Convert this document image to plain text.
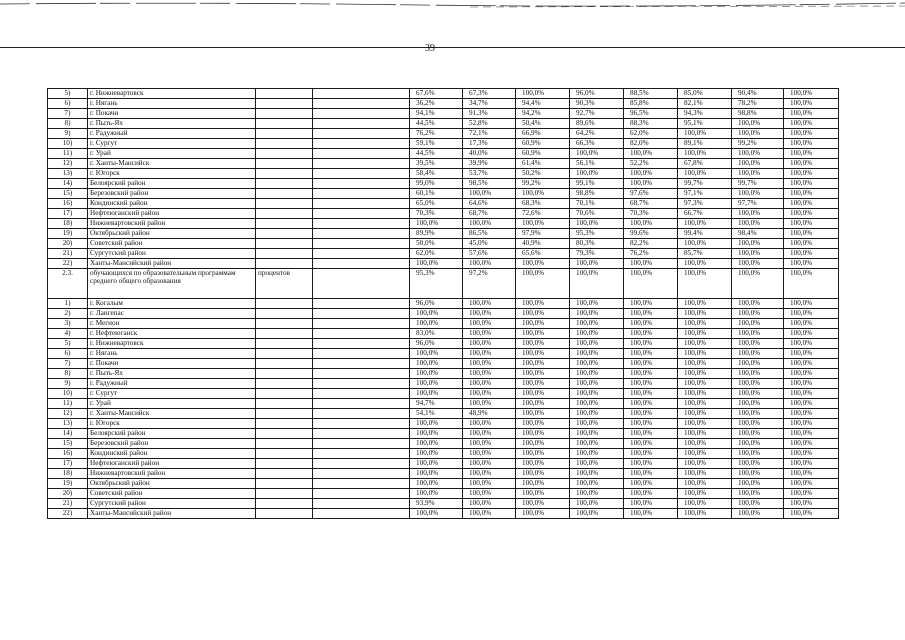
39
5)	г. Нижневартовск			67,6%	67,3%	100,0%	96,0%	88,5%	85,0%	90,4%	100,0%
6)	г. Нягань			36,2%	34,7%	94,4%	90,3%	85,8%	82,1%	78,2%	100,0%
7)	г. Покачи			94,1%	91,3%	94,2%	92,7%	96,5%	94,3%	98,8%	100,0%
8)	г. Пыть-Ях			44,5%	52,8%	50,4%	89,6%	88,3%	95,1%	100,0%	100,0%
9)	г. Радужный			76,2%	72,1%	66,9%	64,2%	62,0%	100,0%	100,0%	100,0%
10)	г. Сургут			59,1%	17,3%	60,9%	66,3%	82,0%	89,1%	99,2%	100,0%
11)	г. Урай			44,5%	40,0%	60,9%	100,0%	100,0%	100,0%	100,0%	100,0%
12)	г. Ханты-Мансийск			39,5%	39,9%	61,4%	56,1%	52,2%	67,8%	100,0%	100,0%
13)	г. Югорск			58,4%	53,7%	50,2%	100,0%	100,0%	100,0%	100,0%	100,0%
14)	Белоярский район			99,0%	98,5%	99,2%	99,1%	100,0%	99,7%	99,7%	100,0%
15)	Березовский район			60,1%	100,0%	100,0%	98,8%	97,6%	97,1%	100,0%	100,0%
16)	Кондинский район			65,0%	64,6%	68,3%	70,1%	68,7%	97,3%	97,7%	100,0%
17)	Нефтеюганский район			70,3%	68,7%	72,6%	70,6%	70,3%	66,7%	100,0%	100,0%
18)	Нижневартовский район			100,0%	100,0%	100,0%	100,0%	100,0%	100,0%	100,0%	100,0%
19)	Октябрьский район			89,9%	86,5%	97,9%	95,3%	99,6%	99,4%	98,4%	100,0%
20)	Советский район			50,0%	45,0%	40,9%	80,3%	82,2%	100,0%	100,0%	100,0%
21)	Сургутский район			62,0%	57,6%	65,6%	79,3%	76,2%	85,7%	100,0%	100,0%
22)	Ханты-Мансийский район			100,0%	100,0%	100,0%	100,0%	100,0%	100,0%	100,0%	100,0%
2.3.	обучающихся по образовательным программам среднего общего образования	процентов		95,3%	97,2%	100,0%	100,0%	100,0%	100,0%	100,0%	100,0%
1)	г. Когалым			96,0%	100,0%	100,0%	100,0%	100,0%	100,0%	100,0%	100,0%
2)	г. Лангепас			100,0%	100,0%	100,0%	100,0%	100,0%	100,0%	100,0%	100,0%
3)	г. Мегион			100,0%	100,0%	100,0%	100,0%	100,0%	100,0%	100,0%	100,0%
4)	г. Нефтеюганск			83,0%	100,0%	100,0%	100,0%	100,0%	100,0%	100,0%	100,0%
5)	г. Нижневартовск			96,0%	100,0%	100,0%	100,0%	100,0%	100,0%	100,0%	100,0%
6)	г. Нягань			100,0%	100,0%	100,0%	100,0%	100,0%	100,0%	100,0%	100,0%
7)	г. Покачи			100,0%	100,0%	100,0%	100,0%	100,0%	100,0%	100,0%	100,0%
8)	г. Пыть-Ях			100,0%	100,0%	100,0%	100,0%	100,0%	100,0%	100,0%	100,0%
9)	г. Радужный			100,0%	100,0%	100,0%	100,0%	100,0%	100,0%	100,0%	100,0%
10)	г. Сургут			100,0%	100,0%	100,0%	100,0%	100,0%	100,0%	100,0%	100,0%
11)	г. Урай			94,7%	100,0%	100,0%	100,0%	100,0%	100,0%	100,0%	100,0%
12)	г. Ханты-Мансийск			54,1%	48,9%	100,0%	100,0%	100,0%	100,0%	100,0%	100,0%
13)	г. Югорск			100,0%	100,0%	100,0%	100,0%	100,0%	100,0%	100,0%	100,0%
14)	Белоярский район			100,0%	100,0%	100,0%	100,0%	100,0%	100,0%	100,0%	100,0%
15)	Березовский район			100,0%	100,0%	100,0%	100,0%	100,0%	100,0%	100,0%	100,0%
16)	Кондинский район			100,0%	100,0%	100,0%	100,0%	100,0%	100,0%	100,0%	100,0%
17)	Нефтеюганский район			100,0%	100,0%	100,0%	100,0%	100,0%	100,0%	100,0%	100,0%
18)	Нижневартовский район			100,0%	100,0%	100,0%	100,0%	100,0%	100,0%	100,0%	100,0%
19)	Октябрьский район			100,0%	100,0%	100,0%	100,0%	100,0%	100,0%	100,0%	100,0%
20)	Советский район			100,0%	100,0%	100,0%	100,0%	100,0%	100,0%	100,0%	100,0%
21)	Сургутский район			93,9%	100,0%	100,0%	100,0%	100,0%	100,0%	100,0%	100,0%
22)	Ханты-Мансийский район			100,0%	100,0%	100,0%	100,0%	100,0%	100,0%	100,0%	100,0%
